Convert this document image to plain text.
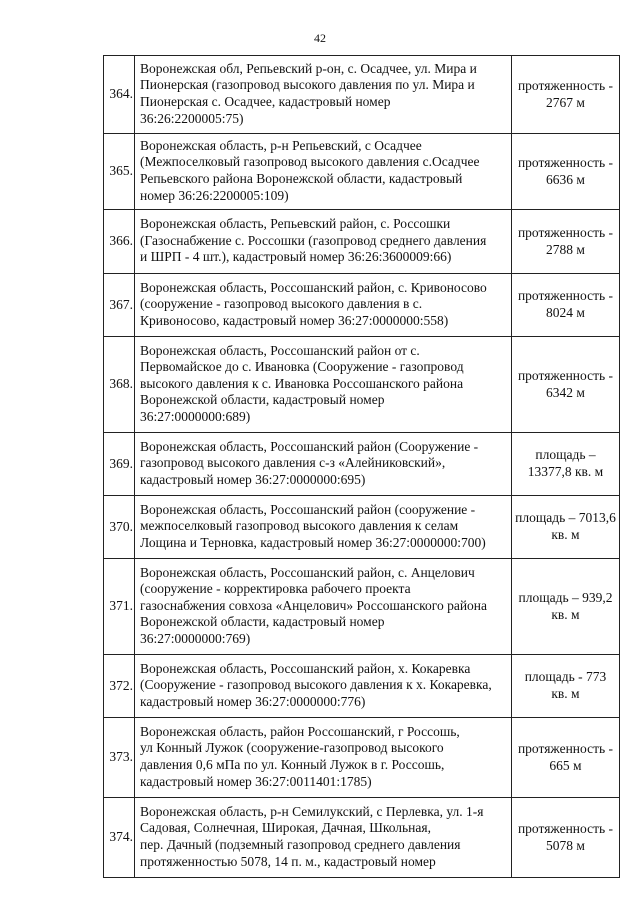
42
364.	Воронежская обл, Репьевский р-он, с. Осадчее, ул. Мира и
Пионерская (газопровод высокого давления по ул. Мира и
Пионерская с. Осадчее, кадастровый номер
36:26:2200005:75)	протяженность - 2767 м
365.	Воронежская область, р-н Репьевский, с Осадчее
(Межпоселковый газопровод высокого давления с.Осадчее
Репьевского района Воронежской области, кадастровый
номер 36:26:2200005:109)	протяженность - 6636 м
366.	Воронежская область, Репьевский район, с. Россошки
(Газоснабжение с. Россошки (газопровод среднего давления
и ШРП - 4 шт.), кадастровый номер 36:26:3600009:66)	протяженность - 2788 м
367.	Воронежская область, Россошанский район, с. Кривоносово
(сооружение - газопровод высокого давления в с.
Кривоносово, кадастровый номер 36:27:0000000:558)	протяженность - 8024 м
368.	Воронежская область, Россошанский район от с.
Первомайское до с. Ивановка (Сооружение - газопровод
высокого давления к с. Ивановка Россошанского района
Воронежской области, кадастровый номер
36:27:0000000:689)	протяженность - 6342 м
369.	Воронежская область, Россошанский район (Сооружение -
газопровод высокого давления с-з «Алейниковский»,
кадастровый номер 36:27:0000000:695)	площадь – 13377,8 кв. м
370.	Воронежская область, Россошанский район (сооружение -
межпоселковый газопровод высокого давления к селам
Лощина и Терновка, кадастровый номер 36:27:0000000:700)	площадь – 7013,6 кв. м
371.	Воронежская область, Россошанский район, с. Анцелович
(сооружение - корректировка рабочего проекта
газоснабжения совхоза «Анцелович» Россошанского района
Воронежской области, кадастровый номер
36:27:0000000:769)	площадь – 939,2 кв. м
372.	Воронежская область, Россошанский район, х. Кокаревка
(Сооружение - газопровод высокого давления к х. Кокаревка,
кадастровый номер 36:27:0000000:776)	площадь - 773 кв. м
373.	Воронежская область, район Россошанский, г Россошь,
ул Конный Лужок (сооружение-газопровод высокого
давления 0,6 мПа по ул. Конный Лужок в г. Россошь,
кадастровый номер 36:27:0011401:1785)	протяженность - 665 м
374.	Воронежская область, р-н Семилукский, с Перлевка, ул. 1-я
Садовая, Солнечная, Широкая, Дачная, Школьная,
пер. Дачный (подземный газопровод среднего давления
протяженностью 5078, 14 п. м., кадастровый номер	протяженность - 5078 м
